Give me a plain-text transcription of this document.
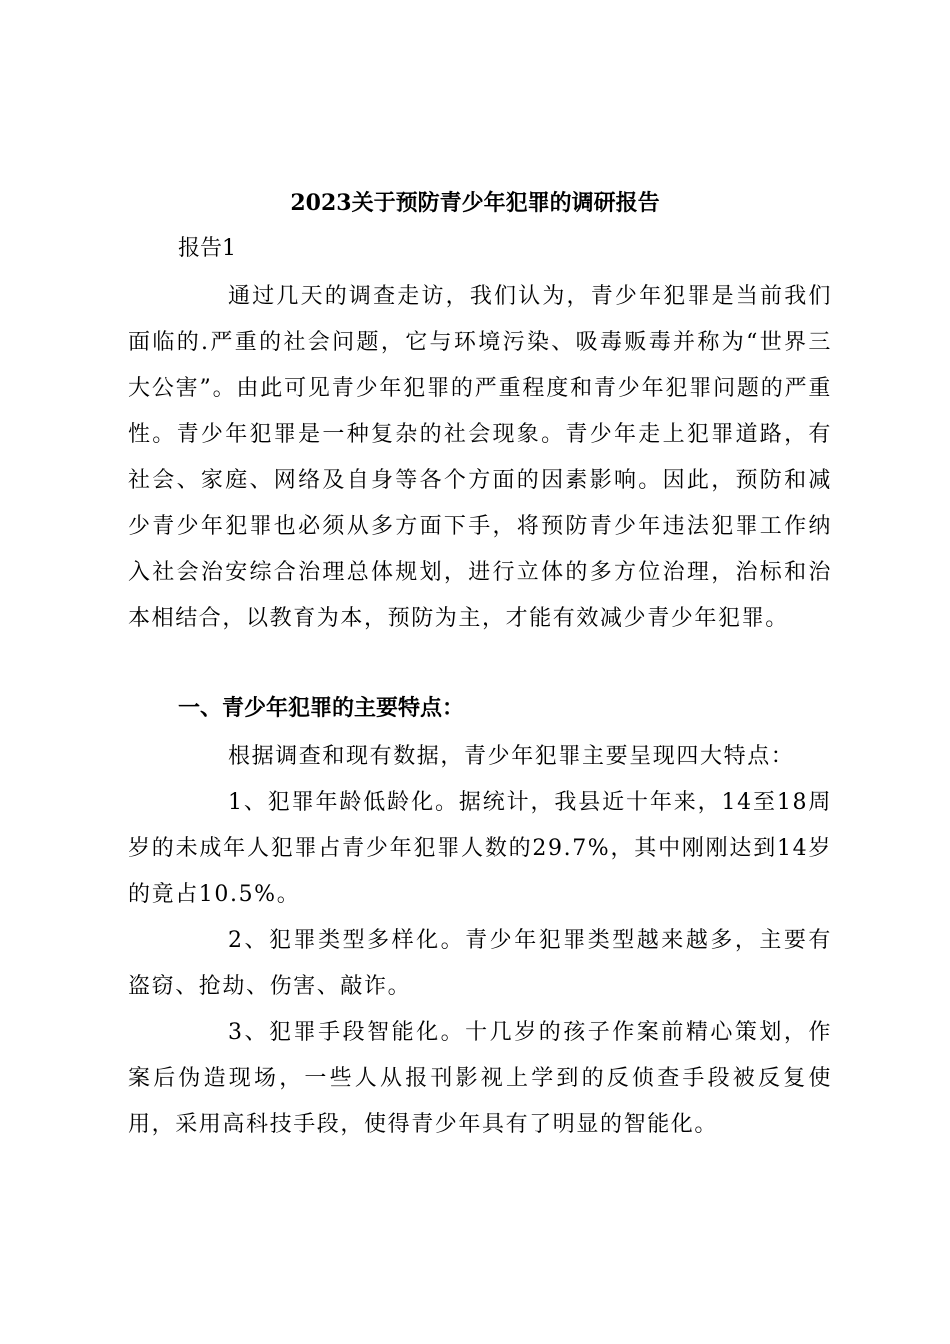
2023关于预防青少年犯罪的调研报告
报告1
通过几天的调查走访，我们认为，青少年犯罪是当前我们面临的.严重的社会问题，它与环境污染、吸毒贩毒并称为“世界三大公害”。由此可见青少年犯罪的严重程度和青少年犯罪问题的严重性。青少年犯罪是一种复杂的社会现象。青少年走上犯罪道路，有社会、家庭、网络及自身等各个方面的因素影响。因此，预防和减少青少年犯罪也必须从多方面下手，将预防青少年违法犯罪工作纳入社会治安综合治理总体规划，进行立体的多方位治理，治标和治本相结合，以教育为本，预防为主，才能有效减少青少年犯罪。
一、青少年犯罪的主要特点：
根据调查和现有数据，青少年犯罪主要呈现四大特点：
1、犯罪年龄低龄化。据统计，我县近十年来，14至18周岁的未成年人犯罪占青少年犯罪人数的29.7%，其中刚刚达到14岁的竟占10.5%。
2、犯罪类型多样化。青少年犯罪类型越来越多，主要有盗窃、抢劫、伤害、敲诈。
3、犯罪手段智能化。十几岁的孩子作案前精心策划，作案后伪造现场，一些人从报刊影视上学到的反侦查手段被反复使用，采用高科技手段，使得青少年具有了明显的智能化。
